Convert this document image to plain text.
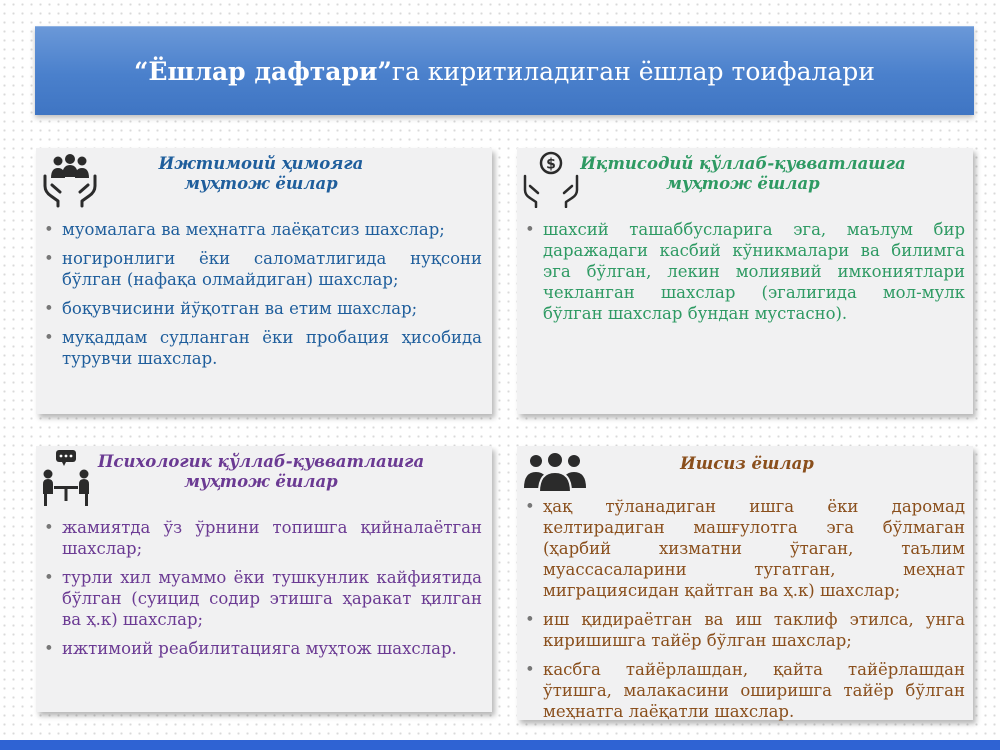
“Ёшлар дафтари” га киритиладиган ёшлар тоифалари
Ижтимоий ҳимояга
муҳтож ёшлар
• муомалага ва меҳнатга лаёқатсиз шахслар;
• ногиронлиги ёки саломатлигида нуқсони бўлган (нафақа олмайдиган) шахслар;
• боқувчисини йўқотган ва етим шахслар;
• муқаддам судланган ёки пробация ҳисобида турувчи шахслар.
$	Иқтисодий қўллаб-қувватлашга
муҳтож ёшлар
• шахсий ташаббусларига эга, маълум бир даражадаги касбий кўникмалари ва билимга эга бўлган, лекин молиявий имкониятлари чекланган шахслар (эгалигида мол-мулк бўлган шахслар бундан мустасно).
Психологик қўллаб-қувватлашга
муҳтож ёшлар
• жамиятда ўз ўрнини топишга қийналаётган шахслар;
• турли хил муаммо ёки тушкунлик кайфиятида бўлган (суицид содир этишга ҳаракат қилган ва ҳ.к) шахслар;
• ижтимоий реабилитацияга муҳтож шахслар.
Ишсиз ёшлар
• ҳақ тўланадиган ишга ёки даромад келтирадиган машғулотга эга бўлмаган (ҳарбий хизматни ўтаган, таълим муассасаларини тугатган, меҳнат миграциясидан қайтган ва ҳ.к) шахслар;
• иш қидираётган ва иш таклиф этилса, унга киришишга тайёр бўлган шахслар;
• касбга тайёрлашдан, қайта тайёрлашдан ўтишга, малакасини оширишга тайёр бўлган меҳнатга лаёқатли шахслар.
